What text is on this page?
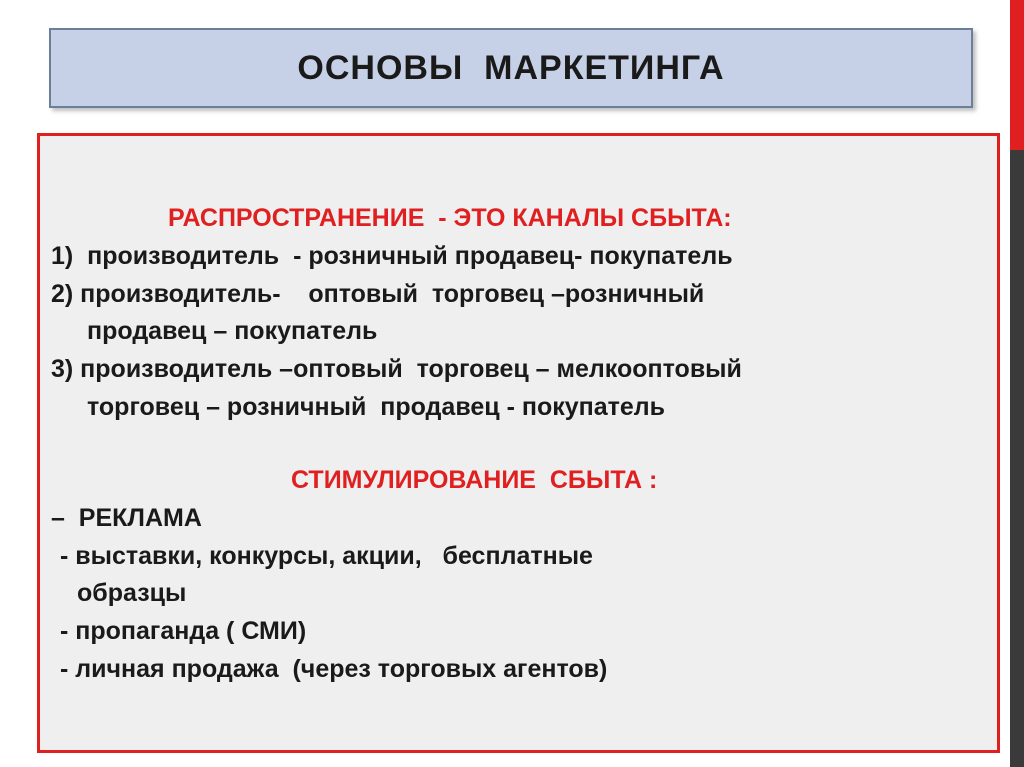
ОСНОВЫ  МАРКЕТИНГА
РАСПРОСТРАНЕНИЕ  - ЭТО КАНАЛЫ СБЫТА:
1)  производитель  - розничный продавец- покупатель
2) производитель-    оптовый  торговец –розничный
продавец – покупатель
3) производитель –оптовый  торговец – мелкооптовый
торговец – розничный  продавец - покупатель
СТИМУЛИРОВАНИЕ  СБЫТА :
–  РЕКЛАМА
- выставки, конкурсы, акции,   бесплатные
образцы
- пропаганда ( СМИ)
- личная продажа  (через торговых агентов)
